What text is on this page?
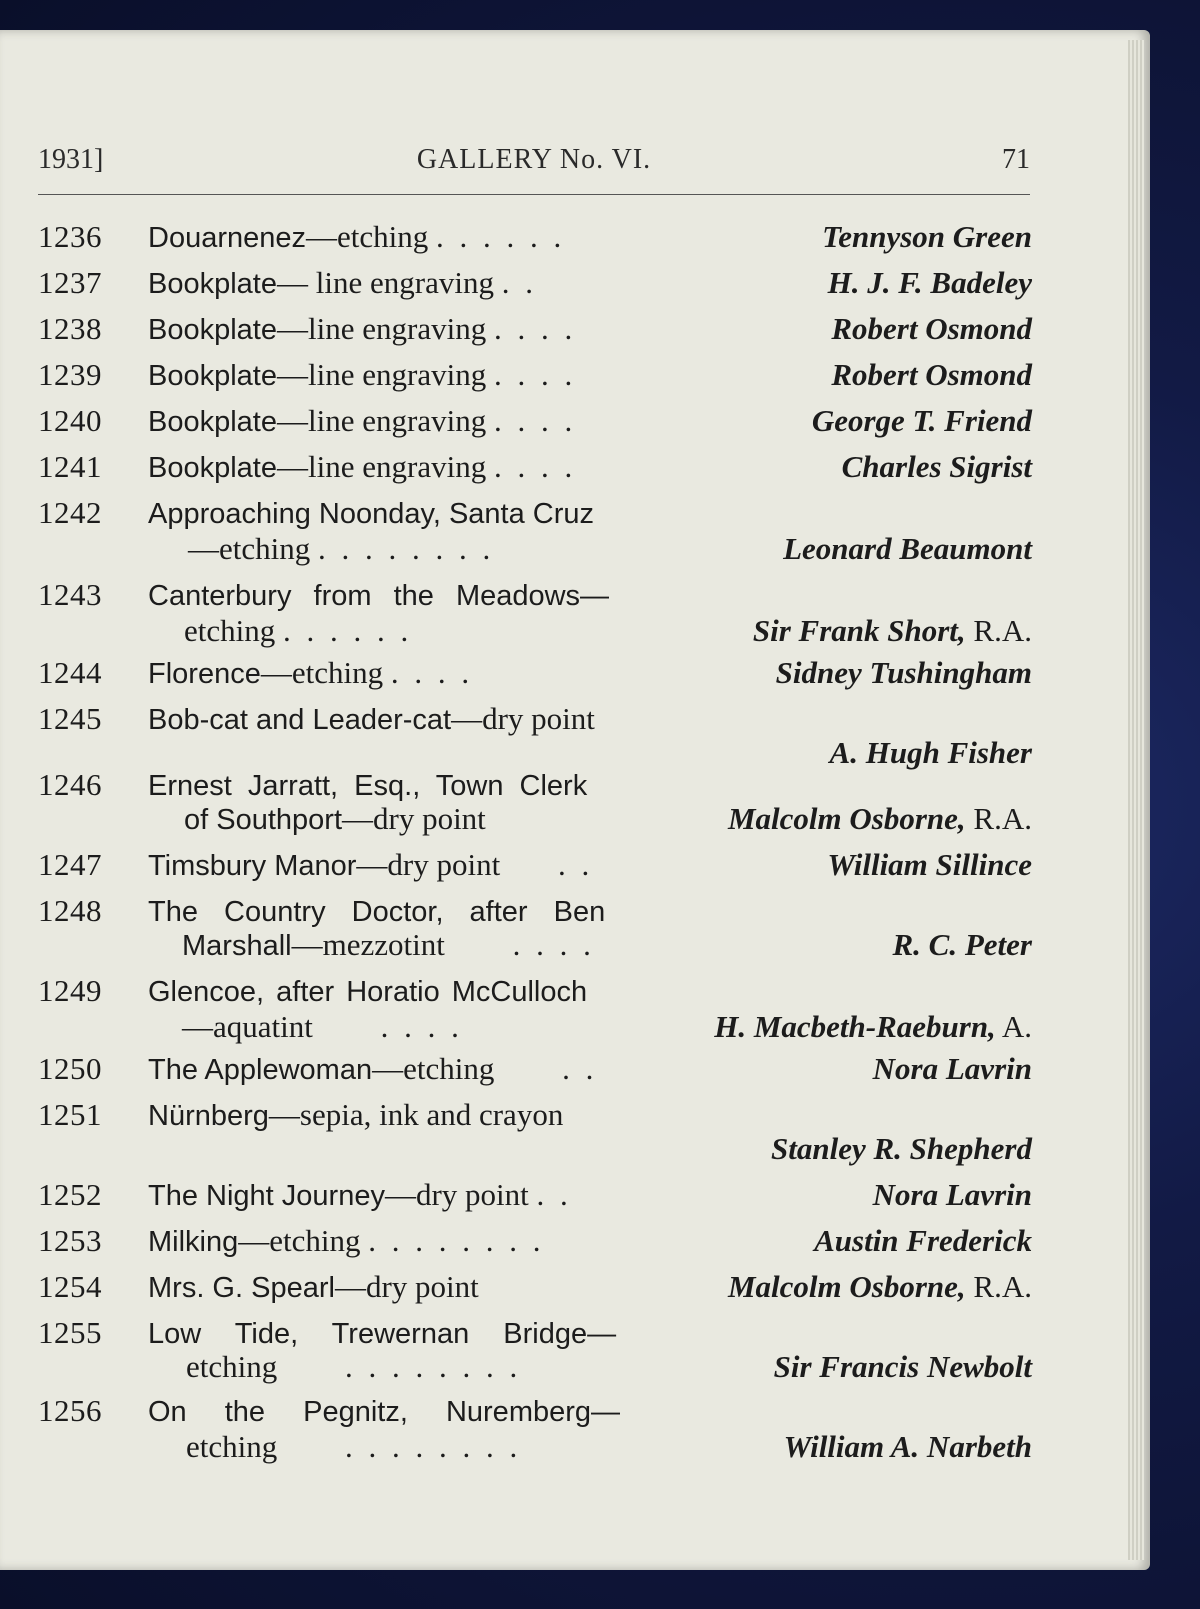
1931]	GALLERY No. VI.	71
1236	Douarnenez—etching . . . . . .	Tennyson Green
1237	Bookplate— line engraving . .	H. J. F. Badeley
1238	Bookplate—line engraving . . . .	Robert Osmond
1239	Bookplate—line engraving . . . .	Robert Osmond
1240	Bookplate—line engraving . . . .	George T. Friend
1241	Bookplate—line engraving . . . .	Charles Sigrist
1242	Approaching Noonday, Santa Cruz
—etching . . . . . . . .	Leonard Beaumont
1243	Canterbury from the Meadows—
etching . . . . . .	Sir Frank Short, R.A.
1244	Florence—etching . . . .	Sidney Tushingham
1245	Bob-cat and Leader-cat—dry point
A. Hugh Fisher
1246	Ernest Jarratt, Esq., Town Clerk
of Southport—dry point	Malcolm Osborne, R.A.
1247	Timsbury Manor—dry point . .	William Sillince
1248	The Country Doctor, after Ben
Marshall—mezzotint . . . .	R. C. Peter
1249	Glencoe, after Horatio McCulloch
—aquatint . . . .	H. Macbeth-Raeburn, A.
1250	The Applewoman—etching . .	Nora Lavrin
1251	Nürnberg—sepia, ink and crayon
Stanley R. Shepherd
1252	The Night Journey—dry point . .	Nora Lavrin
1253	Milking—etching . . . . . . . .	Austin Frederick
1254	Mrs. G. Spearl—dry point	Malcolm Osborne, R.A.
1255	Low Tide, Trewernan Bridge—
etching . . . . . . . .	Sir Francis Newbolt
1256	On the Pegnitz, Nuremberg—
etching . . . . . . . .	William A. Narbeth
